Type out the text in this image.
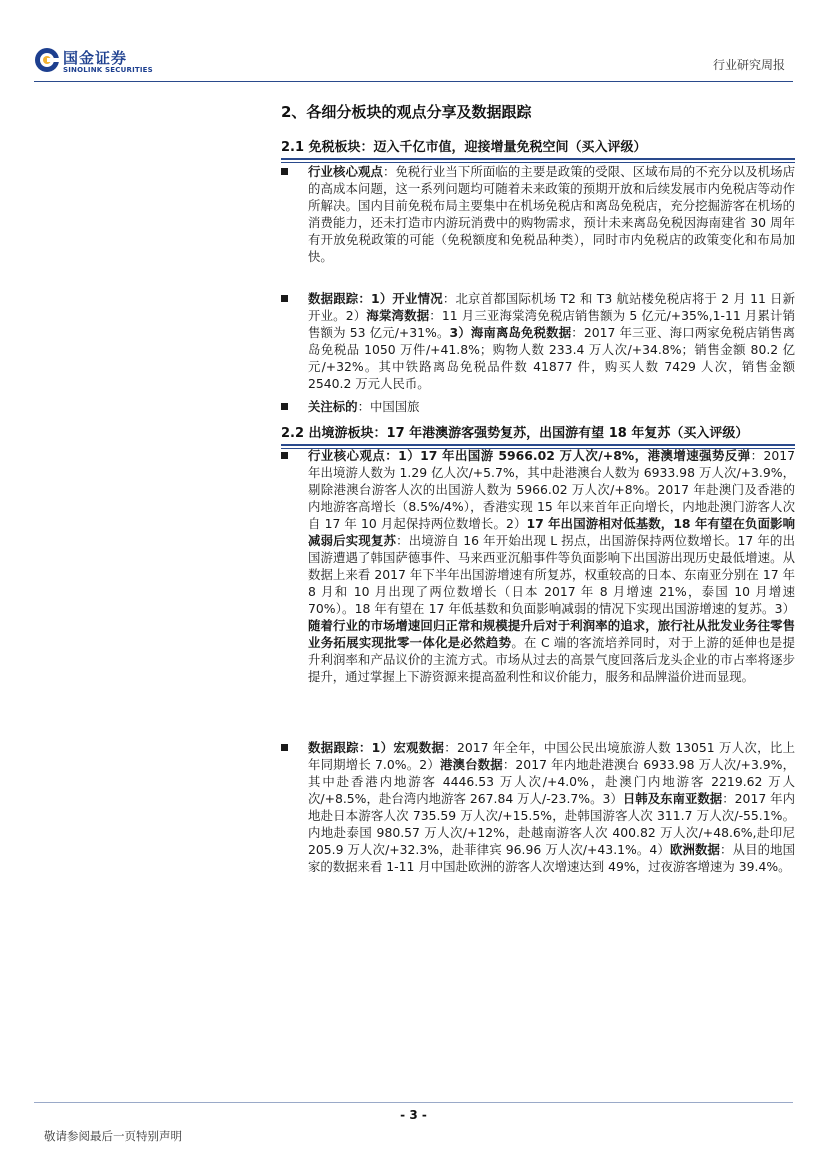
国金证券
SINOLINK SECURITIES	行业研究周报
2、各细分板块的观点分享及数据跟踪
2.1 免税板块：迈入千亿市值，迎接增量免税空间（买入评级）
行业核心观点：免税行业当下所面临的主要是政策的受限、区域布局的不充分以及机场店的高成本问题，这一系列问题均可随着未来政策的预期开放和后续发展市内免税店等动作所解决。国内目前免税布局主要集中在机场免税店和离岛免税店，充分挖掘游客在机场的消费能力，还未打造市内游玩消费中的购物需求，预计未来离岛免税因海南建省 30 周年有开放免税政策的可能（免税额度和免税品种类），同时市内免税店的政策变化和布局加快。
数据跟踪：1）开业情况：北京首都国际机场 T2 和 T3 航站楼免税店将于 2 月 11 日新开业。2）海棠湾数据：11 月三亚海棠湾免税店销售额为 5 亿元/+35%,1-11 月累计销售额为 53 亿元/+31%。3）海南离岛免税数据：2017 年三亚、海口两家免税店销售离岛免税品 1050 万件/+41.8%；购物人数 233.4 万人次/+34.8%；销售金额 80.2 亿元/+32%。其中铁路离岛免税品件数 41877 件，购买人数 7429 人次，销售金额 2540.2 万元人民币。
关注标的：中国国旅
2.2 出境游板块：17 年港澳游客强势复苏，出国游有望 18 年复苏（买入评级）
行业核心观点：1）17 年出国游 5966.02 万人次/+8%，港澳增速强势反弹：2017 年出境游人数为 1.29 亿人次/+5.7%，其中赴港澳台人数为 6933.98 万人次/+3.9%，剔除港澳台游客人次的出国游人数为 5966.02 万人次/+8%。2017 年赴澳门及香港的内地游客高增长（8.5%/4%），香港实现 15 年以来首年正向增长，内地赴澳门游客人次自 17 年 10 月起保持两位数增长。2）17 年出国游相对低基数，18 年有望在负面影响减弱后实现复苏：出境游自 16 年开始出现 L 拐点，出国游保持两位数增长。17 年的出国游遭遇了韩国萨德事件、马来西亚沉船事件等负面影响下出国游出现历史最低增速。从数据上来看 2017 年下半年出国游增速有所复苏，权重较高的日本、东南亚分别在 17 年 8 月和 10 月出现了两位数增长（日本 2017 年 8 月增速 21%，泰国 10 月增速 70%）。18 年有望在 17 年低基数和负面影响减弱的情况下实现出国游增速的复苏。3）随着行业的市场增速回归正常和规模提升后对于利润率的追求，旅行社从批发业务往零售业务拓展实现批零一体化是必然趋势。在 C 端的客流培养同时，对于上游的延伸也是提升利润率和产品议价的主流方式。市场从过去的高景气度回落后龙头企业的市占率将逐步提升，通过掌握上下游资源来提高盈利性和议价能力，服务和品牌溢价进而显现。
数据跟踪：1）宏观数据：2017 年全年，中国公民出境旅游人数 13051 万人次，比上年同期增长 7.0%。2）港澳台数据：2017 年内地赴港澳台 6933.98 万人次/+3.9%，其中赴香港内地游客 4446.53 万人次/+4.0%，赴澳门内地游客 2219.62 万人次/+8.5%，赴台湾内地游客 267.84 万人/-23.7%。3）日韩及东南亚数据：2017 年内地赴日本游客人次 735.59 万人次/+15.5%，赴韩国游客人次 311.7 万人次/-55.1%。内地赴泰国 980.57 万人次/+12%，赴越南游客人次 400.82 万人次/+48.6%,赴印尼 205.9 万人次/+32.3%，赴菲律宾 96.96 万人次/+43.1%。4）欧洲数据：从目的地国家的数据来看 1-11 月中国赴欧洲的游客人次增速达到 49%，过夜游客增速为 39.4%。
- 3 -
敬请参阅最后一页特别声明
